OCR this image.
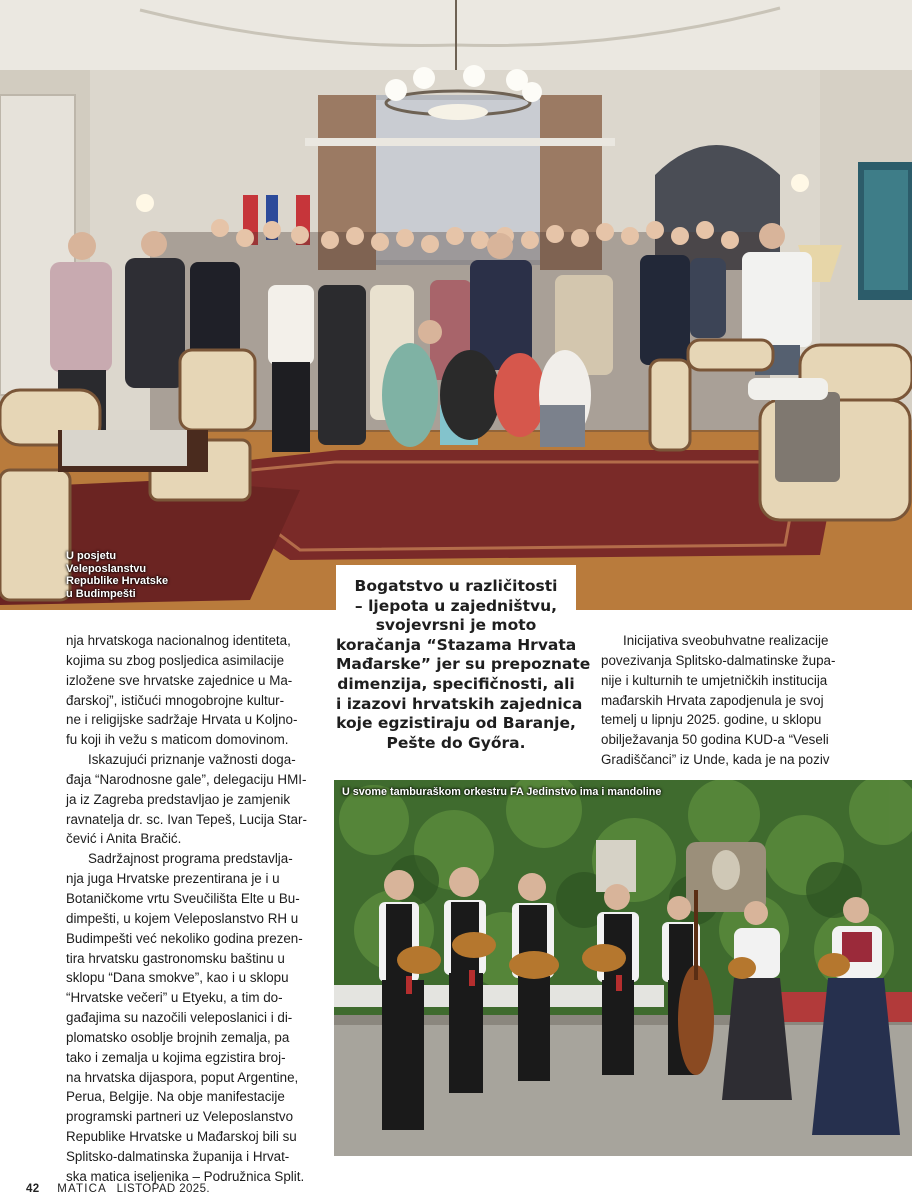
U posjetu
Veleposlanstvu
Republike Hrvatske
u Budimpešti	Bogatstvo u različitosti
– ljepota u zajedništvu,
svojevrsni je moto
koračanja “Stazama Hrvata
Mađarske” jer su prepoznate
dimenzija, specifičnosti, ali
i izazovi hrvatskih zajednica
koje egzistiraju od Baranje,
Pešte do Győra.
nja hrvatskoga nacionalnog identiteta,
kojima su zbog posljedica asimilacije
izložene sve hrvatske zajednice u Ma-
đarskoj”, ističući mnogobrojne kultur-
ne i religijske sadržaje Hrvata u Koljno-
fu koji ih vežu s maticom domovinom.
Iskazujući priznanje važnosti doga-
đaja “Narodnosne gale”, delegaciju HMI-
ja iz Zagreba predstavljao je zamjenik
ravnatelja dr. sc. Ivan Tepeš, Lucija Star-
čević i Anita Bračić.
Sadržajnost programa predstavlja-
nja juga Hrvatske prezentirana je i u
Botaničkome vrtu Sveučilišta Elte u Bu-
dimpešti, u kojem Veleposlanstvo RH u
Budimpešti već nekoliko godina prezen-
tira hrvatsku gastronomsku baštinu u
sklopu “Dana smokve”, kao i u sklopu
“Hrvatske večeri” u Etyeku, a tim do-
gađajima su nazočili veleposlanici i di-
plomatsko osoblje brojnih zemalja, pa
tako i zemalja u kojima egzistira broj-
na hrvatska dijaspora, poput Argentine,
Perua, Belgije. Na obje manifestacije
programski partneri uz Veleposlanstvo
Republike Hrvatske u Mađarskoj bili su
Splitsko-dalmatinska županija i Hrvat-
ska matica iseljenika – Podružnica Split.
Inicijativa sveobuhvatne realizacije
povezivanja Splitsko-dalmatinske župa-
nije i kulturnih te umjetničkih institucija
mađarskih Hrvata zapodjenula je svoj
temelj u lipnju 2025. godine, u sklopu
obilježavanja 50 godina KUD-a “Veseli
Gradiščanci” iz Unde, kada je na poziv
U svome tamburaškom orkestru FA Jedinstvo ima i mandoline
42 MATICA LISTOPAD 2025.
